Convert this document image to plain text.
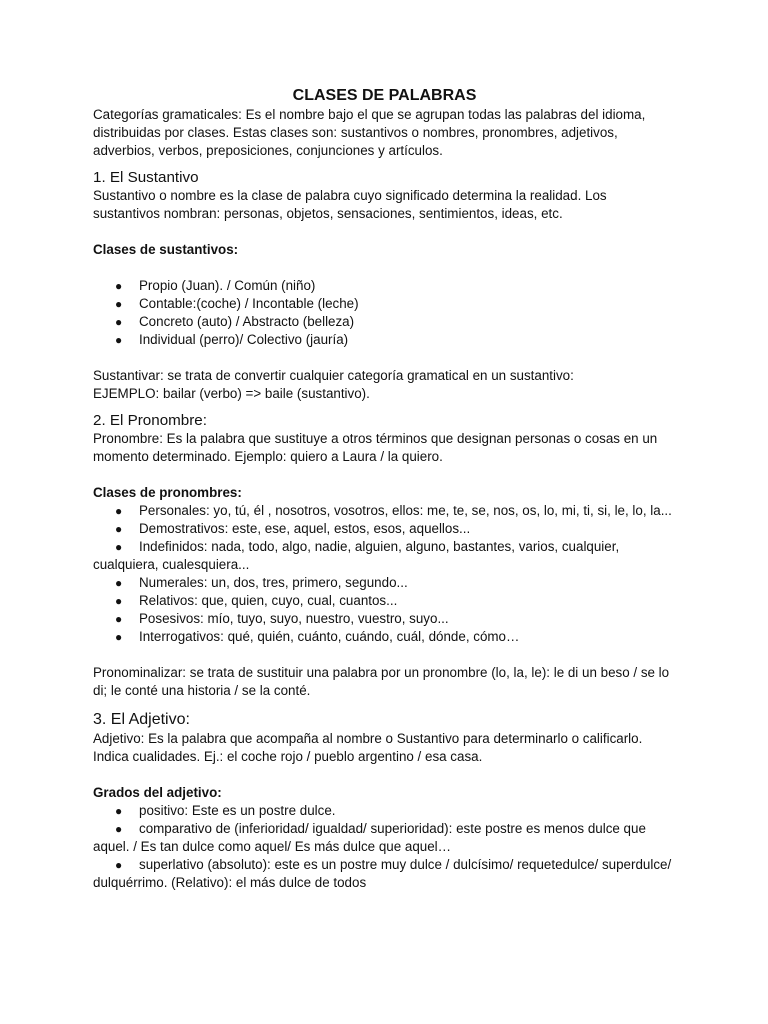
CLASES DE PALABRAS

Categorías gramaticales: Es el nombre bajo el que se agrupan todas las palabras del idioma, distribuidas por clases. Estas clases son: sustantivos o nombres, pronombres, adjetivos, adverbios, verbos, preposiciones, conjunciones y artículos.

1. El Sustantivo

Sustantivo o nombre es la clase de palabra cuyo significado determina la realidad. Los sustantivos nombran: personas, objetos, sensaciones, sentimientos, ideas, etc.

Clases de sustantivos:

● Propio (Juan). / Común (niño)
● Contable:(coche) / Incontable (leche)
● Concreto (auto) / Abstracto (belleza)
● Individual (perro)/ Colectivo (jauría)

Sustantivar: se trata de convertir cualquier categoría gramatical en un sustantivo:

EJEMPLO: bailar (verbo) => baile (sustantivo).

2. El Pronombre:

Pronombre: Es la palabra que sustituye a otros términos que designan personas o cosas en un momento determinado. Ejemplo: quiero a Laura / la quiero.

Clases de pronombres:

● Personales: yo, tú, él , nosotros, vosotros, ellos: me, te, se, nos, os, lo, mi, ti, si, le, lo, la...
● Demostrativos: este, ese, aquel, estos, esos, aquellos...
● Indefinidos: nada, todo, algo, nadie, alguien, alguno, bastantes, varios, cualquier, cualquiera, cualesquiera...
● Numerales: un, dos, tres, primero, segundo...
● Relativos: que, quien, cuyo, cual, cuantos...
● Posesivos: mío, tuyo, suyo, nuestro, vuestro, suyo...
● Interrogativos: qué, quién, cuánto, cuándo, cuál, dónde, cómo…

Pronominalizar: se trata de sustituir una palabra por un pronombre (lo, la, le): le di un beso / se lo di; le conté una historia / se la conté.

3. El Adjetivo:

Adjetivo: Es la palabra que acompaña al nombre o Sustantivo para determinarlo o calificarlo. Indica cualidades. Ej.: el coche rojo / pueblo argentino / esa casa.

Grados del adjetivo:

● positivo: Este es un postre dulce.
● comparativo de (inferioridad/ igualdad/ superioridad): este postre es menos dulce que aquel. / Es tan dulce como aquel/ Es más dulce que aquel…
● superlativo (absoluto): este es un postre muy dulce / dulcísimo/ requetedulce/ superdulce/ dulquérrimo. (Relativo): el más dulce de todos
